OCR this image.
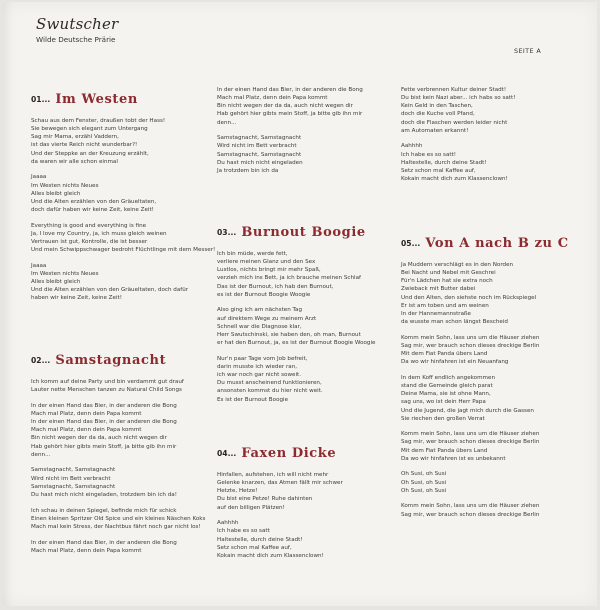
Swutscher
Wilde Deutsche Prärie
SEITE A
01... Im Westen
Schau aus dem Fenster, draußen tobt der Hass!
Sie bewegen sich elegant zum Untergang
Sag mir Mama, erzähl Vaddern,
ist das vierte Reich nicht wunderbar?!
Und der Steppke an der Kreuzung erzählt,
da waren wir alle schon einmal
Jaaaa
Im Westen nichts Neues
Alles bleibt gleich
Und die Alten erzählen von den Gräueltaten,
doch dafür haben wir keine Zeit, keine Zeit!
Everything is good and everything is fine
Ja, I love my Country, ja, ich muss gleich weinen
Vertrauen ist gut, Kontrolle, die ist besser
Und mein Schwippschwager bedroht Flüchtlinge mit dem Messer!
Jaaaa
Im Westen nichts Neues
Alles bleibt gleich
Und die Alten erzählen von den Gräueltaten, doch dafür
haben wir keine Zeit, keine Zeit!
02... Samstagnacht
Ich komm auf deine Party und bin verdammt gut drauf
Lauter nette Menschen tanzen zu Natural Child Songs
In der einen Hand das Bier, in der anderen die Bong
Mach mal Platz, denn dein Papa kommt
In der einen Hand das Bier, in der anderen die Bong
Mach mal Platz, denn dein Papa kommt
Bin nicht wegen der da da, auch nicht wegen dir
Hab gehört hier gibts mein Stoff, ja bitte gib ihn mir
denn...
Samstagnacht, Samstagnacht
Wird nicht im Bett verbracht
Samstagnacht, Samstagnacht
Du hast mich nicht eingeladen, trotzdem bin ich da!
Ich schau in deinen Spiegel, befinde mich für schick
Einen kleinen Spritzer Old Spice und ein kleines Näschen Koks
Mach mal kein Stress, der Nachtbus fährt noch gar nicht los!
In der einen Hand das Bier, in der anderen die Bong
Mach mal Platz, denn dein Papa kommt
In der einen Hand das Bier, in der anderen die Bong
Mach mal Platz, denn dein Papa kommt
Bin nicht wegen der da da, auch nicht wegen dir
Hab gehört hier gibts mein Stoff, ja bitte gib ihn mir
denn...
Samstagnacht, Samstagnacht
Wird nicht im Bett verbracht
Samstagnacht, Samstagnacht
Du hast mich nicht eingeladen
Ja trotzdem bin ich da
03... Burnout Boogie
Ich bin müde, werde fett,
verliere meinen Glanz und den Sex
Lustlos, nichts bringt mir mehr Spaß,
verzieh mich ins Bett, ja ich brauche meinen Schlaf
Das ist der Burnout, ich hab den Burnout,
es ist der Burnout Boogie Woogie
Also ging ich am nächsten Tag
auf direktem Wege zu meinem Arzt
Schnell war die Diagnose klar,
Herr Swutschinski, sie haben den, oh man, Burnout
er hat den Burnout, ja, es ist der Burnout Boogie Woogie
Nur'n paar Tage vom Job befreit,
darin musste ich wieder ran,
ich war noch gar nicht soweit.
Du musst anscheinend funktionieren,
ansonsten kommst du hier nicht weit.
Es ist der Burnout Boogie
04... Faxen Dicke
Hinfallen, aufstehen, ich will nicht mehr
Gelenke knarzen, das Atmen fällt mir schwer
Hetzte, Hetze!
Du bist eine Petze! Ruhe dahinten
auf den billigen Plätzen!
Aahhhh
Ich habe es so satt
Haltestelle, durch deine Stadt!
Setz schon mal Kaffee auf,
Kokain macht dich zum Klassenclown!
Fette verbrennen Kultur deiner Stadt!
Du bist kein Nazi aber... ich habs so satt!
Kein Geld in den Taschen,
doch die Kuche voll Pfand,
doch die Flaschen werden leider nicht
am Automaten erkannt!
Aahhhh
Ich habe es so satt!
Haltestelle, durch deine Stadt!
Setz schon mal Kaffee auf,
Kokain macht dich zum Klassenclown!
05... Von A nach B zu C
Ja Muddern verschlägt es in den Norden
Bei Nacht und Nebel mit Geschrei
Für'n Lädchen hat sie extra noch
Zwieback mit Butter dabei
Und den Alten, den siehste noch im Rückspiegel
Er ist am toben und am weinen
In der Hannemannstraße
da wusste man schon längst Bescheid
Komm mein Sohn, lass uns um die Häuser ziehen
Sag mir, wer brauch schon dieses dreckige Berlin
Mit dem Fiat Panda übers Land
Da wo wir hinfahren ist ein Neuanfang
In dem Koff endlich angekommen
stand die Gemeinde gleich parat
Deine Mama, sie ist ohne Mann,
sag uns, wo ist dein Herr Papa
Und die Jugend, die jagt mich durch die Gassen
Sie riechen den großen Verrat
Komm mein Sohn, lass uns um die Häuser ziehen
Sag mir, wer brauch schon dieses dreckige Berlin
Mit dem Fiat Panda übers Land
Da wo wir hinfahren ist es unbekannt
Oh Susi, oh Susi
Oh Susi, oh Susi
Oh Susi, oh Susi
Komm mein Sohn, lass uns um die Häuser ziehen
Sag mir, wer brauch schon dieses dreckige Berlin
